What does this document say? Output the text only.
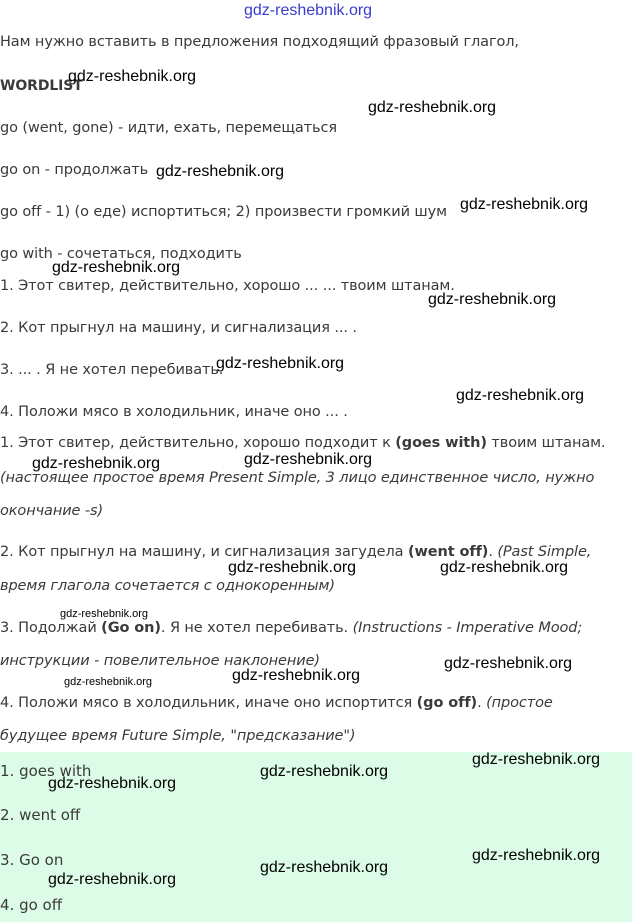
gdz-reshebnik.org
Нам нужно вставить в предложения подходящий фразовый глагол,
WORDLIST
go (went, gone) - идти, ехать, перемещаться
go on - продолжать
go off - 1) (о еде) испортиться; 2) произвести громкий шум
go with - сочетаться, подходить
1. Этот свитер, действительно, хорошо ... ... твоим штанам.
2. Кот прыгнул на машину, и сигнализация ... .
3. ... . Я не хотел перебивать.
4. Положи мясо в холодильник, иначе оно ... .
1. Этот свитер, действительно, хорошо подходит к (goes with) твоим штанам.
(настоящее простое время Present Simple, 3 лицо единственное число, нужно
окончание -s)
2. Кот прыгнул на машину, и сигнализация загудела (went off). (Past Simple,
время глагола сочетается с однокоренным)
3. Подолжай (Go on). Я не хотел перебивать. (Instructions - Imperative Mood;
инструкции - повелительное наклонение)
4. Положи мясо в холодильник, иначе оно испортится (go off). (простое
будущее время Future Simple, "предсказание")
1. goes with
2. went off
3. Go on
4. go off
gdz-reshebnik.org
gdz-reshebnik.org
gdz-reshebnik.org
gdz-reshebnik.org
gdz-reshebnik.org
gdz-reshebnik.org
gdz-reshebnik.org
gdz-reshebnik.org
gdz-reshebnik.org
gdz-reshebnik.org
gdz-reshebnik.org	gdz-reshebnik.org
gdz-reshebnik.org
gdz-reshebnik.org
gdz-reshebnik.org	gdz-reshebnik.org
gdz-reshebnik.org
gdz-reshebnik.org
gdz-reshebnik.org
gdz-reshebnik.org
gdz-reshebnik.org
gdz-reshebnik.org
